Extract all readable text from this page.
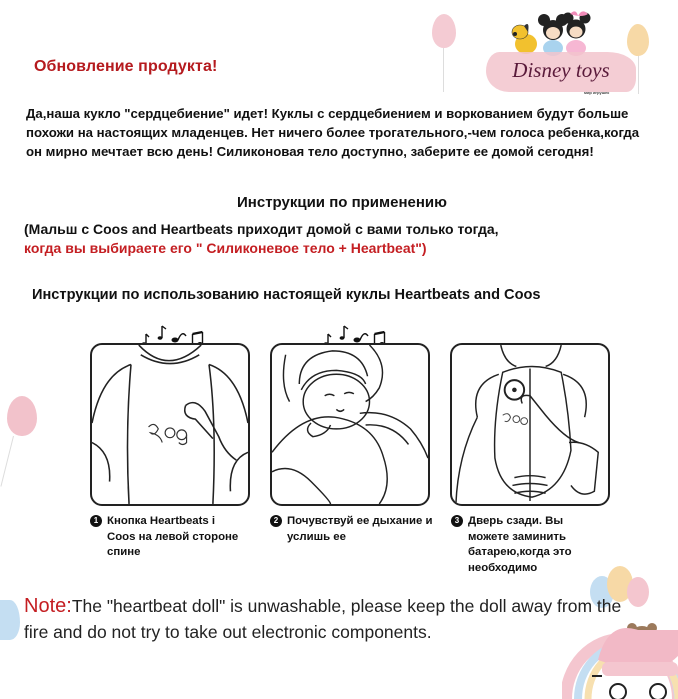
Обновление продукта!	Disney toys
мир игрушек
Да,наша кукло "сердцебиение" идет! Куклы с сердцебиением и воркованием будут больше похожи на настоящих младенцев. Нет ничего более трогательного,-чем голоса ребенка,когда он мирно мечтает всю день! Силиконовая тело доступно, заберите ее домой сегодня!
Инструкции по применению
(Мальш с Coos and Heartbeats приходит домой с вами только тогда,
когда вы выбираете его " Силиконевое тело + Heartbeat")
Инструкции по использованию настоящей куклы Heartbeats and Coos
1 Кнопка Heartbeats i Coos на левой стороне спине
2 Почувствуй ее дыхание и услишь ее
3 Дверь сзади. Вы можете заминить батарею,когда это необходимо
Note:The "heartbeat doll" is unwashable, please keep the doll away from the fire and do not try to take out electronic components.
